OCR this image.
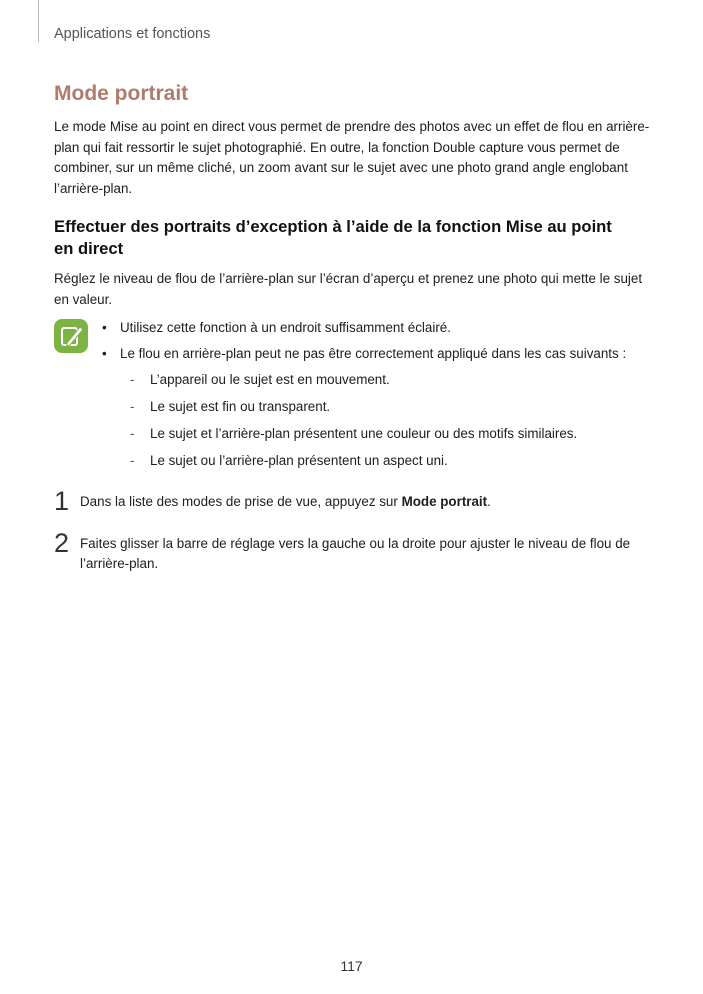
Applications et fonctions
Mode portrait
Le mode Mise au point en direct vous permet de prendre des photos avec un effet de flou en arrière-plan qui fait ressortir le sujet photographié. En outre, la fonction Double capture vous permet de combiner, sur un même cliché, un zoom avant sur le sujet avec une photo grand angle englobant l’arrière-plan.
Effectuer des portraits d’exception à l’aide de la fonction Mise au point en direct
Réglez le niveau de flou de l’arrière-plan sur l’écran d’aperçu et prenez une photo qui mette le sujet en valeur.
• Utilisez cette fonction à un endroit suffisamment éclairé.
• Le flou en arrière-plan peut ne pas être correctement appliqué dans les cas suivants :
- L’appareil ou le sujet est en mouvement.
- Le sujet est fin ou transparent.
- Le sujet et l’arrière-plan présentent une couleur ou des motifs similaires.
- Le sujet ou l’arrière-plan présentent un aspect uni.
1 Dans la liste des modes de prise de vue, appuyez sur Mode portrait.
2 Faites glisser la barre de réglage vers la gauche ou la droite pour ajuster le niveau de flou de l’arrière-plan.
117
